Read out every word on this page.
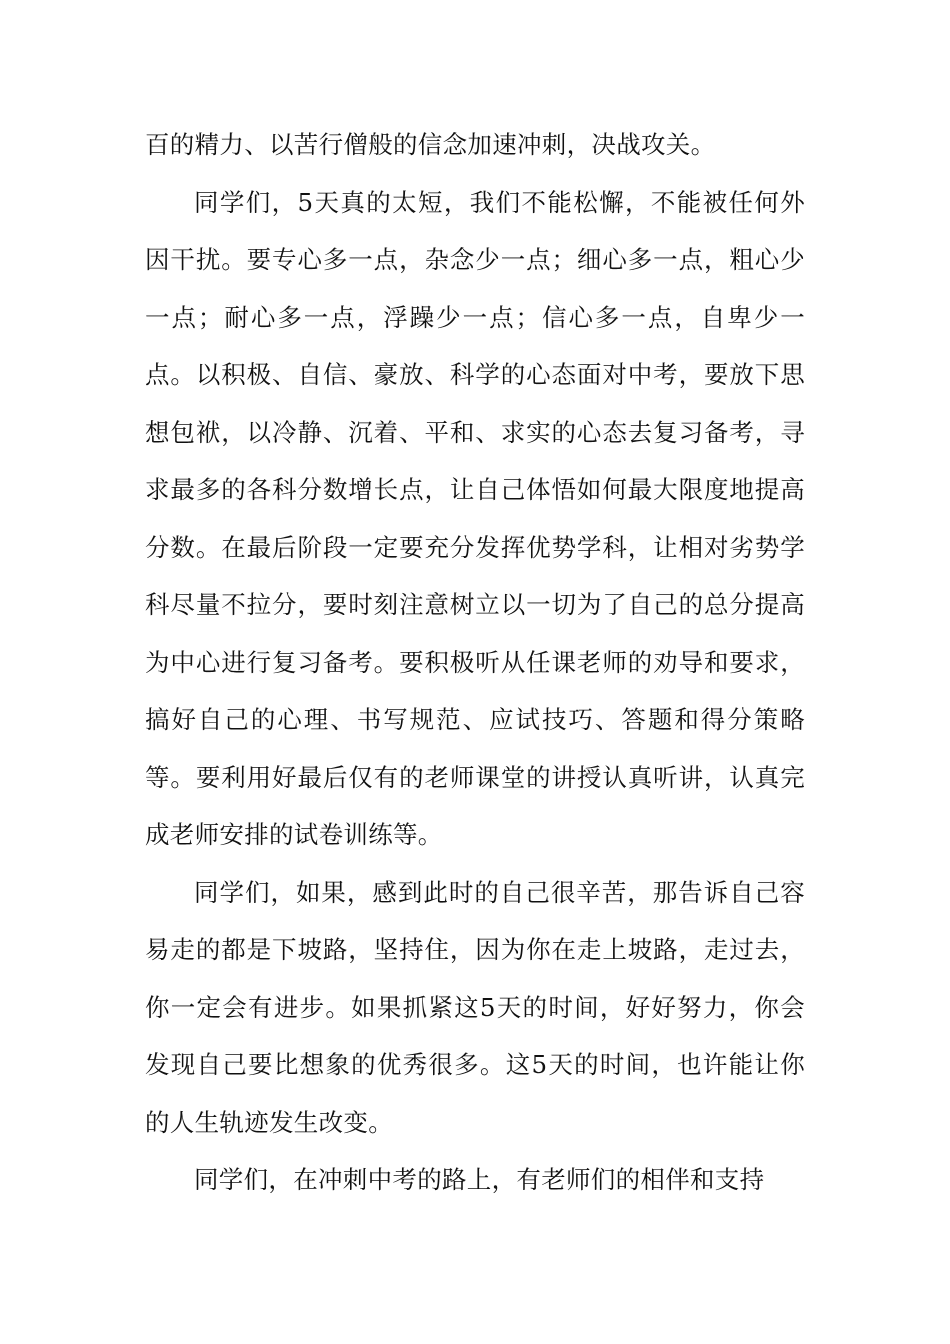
百的精力、以苦行僧般的信念加速冲刺，决战攻关。

同学们，5天真的太短，我们不能松懈，不能被任何外因干扰。要专心多一点，杂念少一点；细心多一点，粗心少一点；耐心多一点，浮躁少一点；信心多一点，自卑少一点。以积极、自信、豪放、科学的心态面对中考，要放下思想包袱，以冷静、沉着、平和、求实的心态去复习备考，寻求最多的各科分数增长点，让自己体悟如何最大限度地提高分数。在最后阶段一定要充分发挥优势学科，让相对劣势学科尽量不拉分，要时刻注意树立以一切为了自己的总分提高为中心进行复习备考。要积极听从任课老师的劝导和要求，搞好自己的心理、书写规范、应试技巧、答题和得分策略等。要利用好最后仅有的老师课堂的讲授认真听讲，认真完成老师安排的试卷训练等。

同学们，如果，感到此时的自己很辛苦，那告诉自己容易走的都是下坡路，坚持住，因为你在走上坡路，走过去，你一定会有进步。如果抓紧这5天的时间，好好努力，你会发现自己要比想象的优秀很多。这5天的时间，也许能让你的人生轨迹发生改变。

同学们，在冲刺中考的路上，有老师们的相伴和支持
